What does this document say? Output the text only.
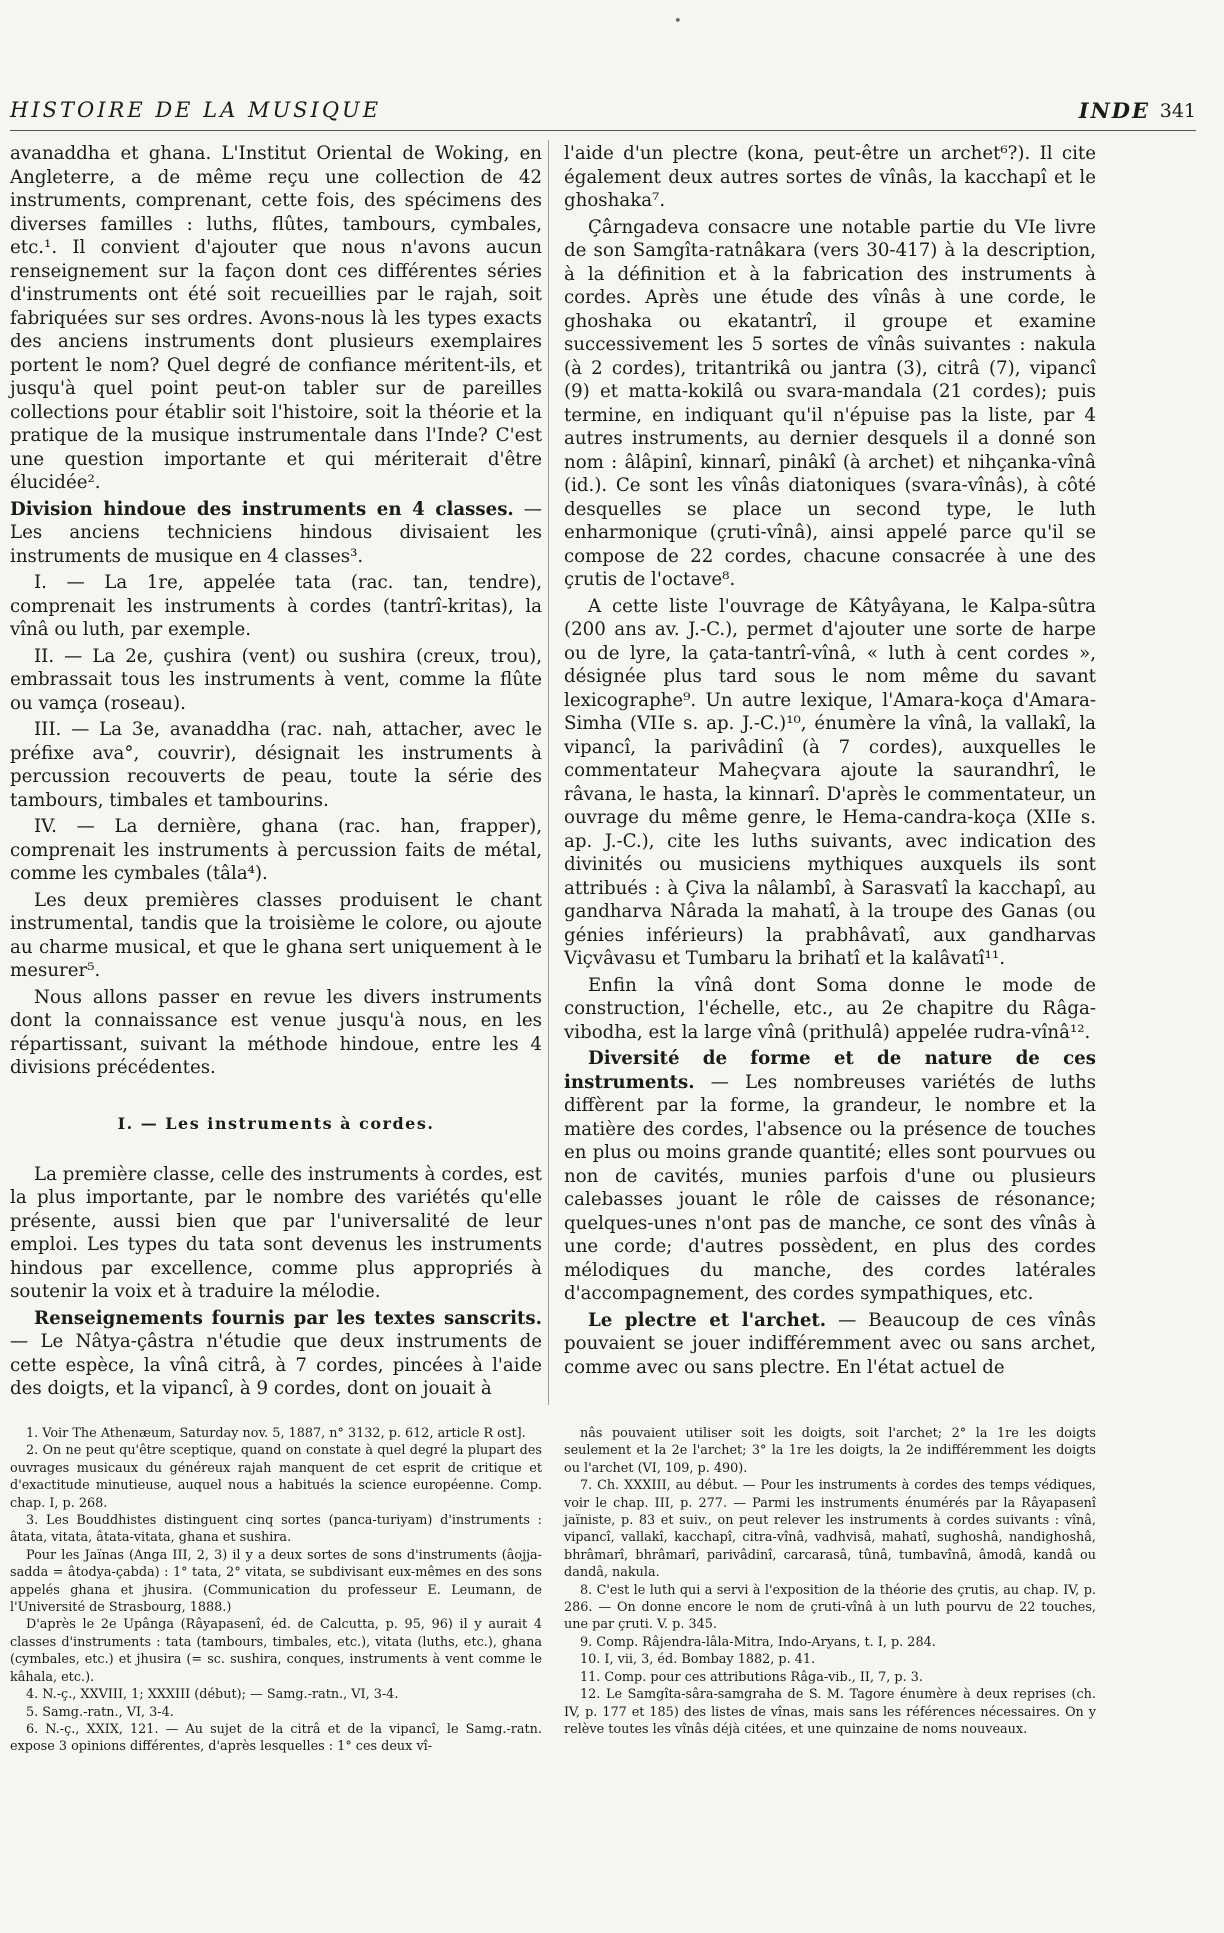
•
HISTOIRE DE LA MUSIQUE	INDE 341

avanaddha et ghana. L'Institut Oriental de Woking, en Angleterre, a de même reçu une collection de 42 instruments, comprenant, cette fois, des spécimens des diverses familles : luths, flûtes, tambours, cymbales, etc.¹. Il convient d'ajouter que nous n'avons aucun renseignement sur la façon dont ces différentes séries d'instruments ont été soit recueillies par le rajah, soit fabriquées sur ses ordres. Avons-nous là les types exacts des anciens instruments dont plusieurs exemplaires portent le nom? Quel degré de confiance méritent-ils, et jusqu'à quel point peut-on tabler sur de pareilles collections pour établir soit l'histoire, soit la théorie et la pratique de la musique instrumentale dans l'Inde? C'est une question importante et qui mériterait d'être élucidée².

Division hindoue des instruments en 4 classes. — Les anciens techniciens hindous divisaient les instruments de musique en 4 classes³.

I. — La 1re, appelée tata (rac. tan, tendre), comprenait les instruments à cordes (tantrî-kritas), la vînâ ou luth, par exemple.

II. — La 2e, çushira (vent) ou sushira (creux, trou), embrassait tous les instruments à vent, comme la flûte ou vamça (roseau).

III. — La 3e, avanaddha (rac. nah, attacher, avec le préfixe ava°, couvrir), désignait les instruments à percussion recouverts de peau, toute la série des tambours, timbales et tambourins.

IV. — La dernière, ghana (rac. han, frapper), comprenait les instruments à percussion faits de métal, comme les cymbales (tâla⁴).

Les deux premières classes produisent le chant instrumental, tandis que la troisième le colore, ou ajoute au charme musical, et que le ghana sert uniquement à le mesurer⁵.

Nous allons passer en revue les divers instruments dont la connaissance est venue jusqu'à nous, en les répartissant, suivant la méthode hindoue, entre les 4 divisions précédentes.

I. — Les instruments à cordes.

La première classe, celle des instruments à cordes, est la plus importante, par le nombre des variétés qu'elle présente, aussi bien que par l'universalité de leur emploi. Les types du tata sont devenus les instruments hindous par excellence, comme plus appropriés à soutenir la voix et à traduire la mélodie.

Renseignements fournis par les textes sanscrits. — Le Nâtya-çâstra n'étudie que deux instruments de cette espèce, la vînâ citrâ, à 7 cordes, pincées à l'aide des doigts, et la vipancî, à 9 cordes, dont on jouait à

l'aide d'un plectre (kona, peut-être un archet⁶?). Il cite également deux autres sortes de vînâs, la kacchapî et le ghoshaka⁷.

Çârngadeva consacre une notable partie du VIe livre de son Samgîta-ratnâkara (vers 30-417) à la description, à la définition et à la fabrication des instruments à cordes. Après une étude des vînâs à une corde, le ghoshaka ou ekatantrî, il groupe et examine successivement les 5 sortes de vînâs suivantes : nakula (à 2 cordes), tritantrikâ ou jantra (3), citrâ (7), vipancî (9) et matta-kokilâ ou svara-mandala (21 cordes); puis termine, en indiquant qu'il n'épuise pas la liste, par 4 autres instruments, au dernier desquels il a donné son nom : âlâpinî, kinnarî, pinâkî (à archet) et nihçanka-vînâ (id.). Ce sont les vînâs diatoniques (svara-vînâs), à côté desquelles se place un second type, le luth enharmonique (çruti-vînâ), ainsi appelé parce qu'il se compose de 22 cordes, chacune consacrée à une des çrutis de l'octave⁸.

A cette liste l'ouvrage de Kâtyâyana, le Kalpa-sûtra (200 ans av. J.-C.), permet d'ajouter une sorte de harpe ou de lyre, la çata-tantrî-vînâ, « luth à cent cordes », désignée plus tard sous le nom même du savant lexicographe⁹. Un autre lexique, l'Amara-koça d'Amara-Simha (VIIe s. ap. J.-C.)¹⁰, énumère la vînâ, la vallakî, la vipancî, la parivâdinî (à 7 cordes), auxquelles le commentateur Maheçvara ajoute la saurandhrî, le râvana, le hasta, la kinnarî. D'après le commentateur, un ouvrage du même genre, le Hema-candra-koça (XIIe s. ap. J.-C.), cite les luths suivants, avec indication des divinités ou musiciens mythiques auxquels ils sont attribués : à Çiva la nâlambî, à Sarasvatî la kacchapî, au gandharva Nârada la mahatî, à la troupe des Ganas (ou génies inférieurs) la prabhâvatî, aux gandharvas Viçvâvasu et Tumbaru la brihatî et la kalâvatî¹¹.

Enfin la vînâ dont Soma donne le mode de construction, l'échelle, etc., au 2e chapitre du Râga-vibodha, est la large vînâ (prithulâ) appelée rudra-vînâ¹².

Diversité de forme et de nature de ces instruments. — Les nombreuses variétés de luths diffèrent par la forme, la grandeur, le nombre et la matière des cordes, l'absence ou la présence de touches en plus ou moins grande quantité; elles sont pourvues ou non de cavités, munies parfois d'une ou plusieurs calebasses jouant le rôle de caisses de résonance; quelques-unes n'ont pas de manche, ce sont des vînâs à une corde; d'autres possèdent, en plus des cordes mélodiques du manche, des cordes latérales d'accompagnement, des cordes sympathiques, etc.

Le plectre et l'archet. — Beaucoup de ces vînâs pouvaient se jouer indifféremment avec ou sans archet, comme avec ou sans plectre. En l'état actuel de

1. Voir The Athenæum, Saturday nov. 5, 1887, n° 3132, p. 612, article R ost].

2. On ne peut qu'être sceptique, quand on constate à quel degré la plupart des ouvrages musicaux du généreux rajah manquent de cet esprit de critique et d'exactitude minutieuse, auquel nous a habitués la science européenne. Comp. chap. I, p. 268.

3. Les Bouddhistes distinguent cinq sortes (panca-turiyam) d'instruments : âtata, vitata, âtata-vitata, ghana et sushira.

Pour les Jaïnas (Anga III, 2, 3) il y a deux sortes de sons d'instruments (âojja-sadda = âtodya-çabda) : 1° tata, 2° vitata, se subdivisant eux-mêmes en des sons appelés ghana et jhusira. (Communication du professeur E. Leumann, de l'Université de Strasbourg, 1888.)

D'après le 2e Upânga (Râyapasenî, éd. de Calcutta, p. 95, 96) il y aurait 4 classes d'instruments : tata (tambours, timbales, etc.), vitata (luths, etc.), ghana (cymbales, etc.) et jhusira (= sc. sushira, conques, instruments à vent comme le kâhala, etc.).

4. N.-ç., XXVIII, 1; XXXIII (début); — Samg.-ratn., VI, 3-4.

5. Samg.-ratn., VI, 3-4.

6. N.-ç., XXIX, 121. — Au sujet de la citrâ et de la vipancî, le Samg.-ratn. expose 3 opinions différentes, d'après lesquelles : 1° ces deux vî-

nâs pouvaient utiliser soit les doigts, soit l'archet; 2° la 1re les doigts seulement et la 2e l'archet; 3° la 1re les doigts, la 2e indifféremment les doigts ou l'archet (VI, 109, p. 490).

7. Ch. XXXIII, au début. — Pour les instruments à cordes des temps védiques, voir le chap. III, p. 277. — Parmi les instruments énumérés par la Râyapasenî jaïniste, p. 83 et suiv., on peut relever les instruments à cordes suivants : vînâ, vipancî, vallakî, kacchapî, citra-vînâ, vadhvisâ, mahatî, sughoshâ, nandighoshâ, bhrâmarî, bhrâmarî, parivâdinî, carcarasâ, tûnâ, tumbavînâ, âmodâ, kandâ ou dandâ, nakula.

8. C'est le luth qui a servi à l'exposition de la théorie des çrutis, au chap. IV, p. 286. — On donne encore le nom de çruti-vînâ à un luth pourvu de 22 touches, une par çruti. V. p. 345.

9. Comp. Râjendra-lâla-Mitra, Indo-Aryans, t. I, p. 284.

10. I, vii, 3, éd. Bombay 1882, p. 41.

11. Comp. pour ces attributions Râga-vib., II, 7, p. 3.

12. Le Samgîta-sâra-samgraha de S. M. Tagore énumère à deux reprises (ch. IV, p. 177 et 185) des listes de vînas, mais sans les références nécessaires. On y relève toutes les vînâs déjà citées, et une quinzaine de noms nouveaux.
